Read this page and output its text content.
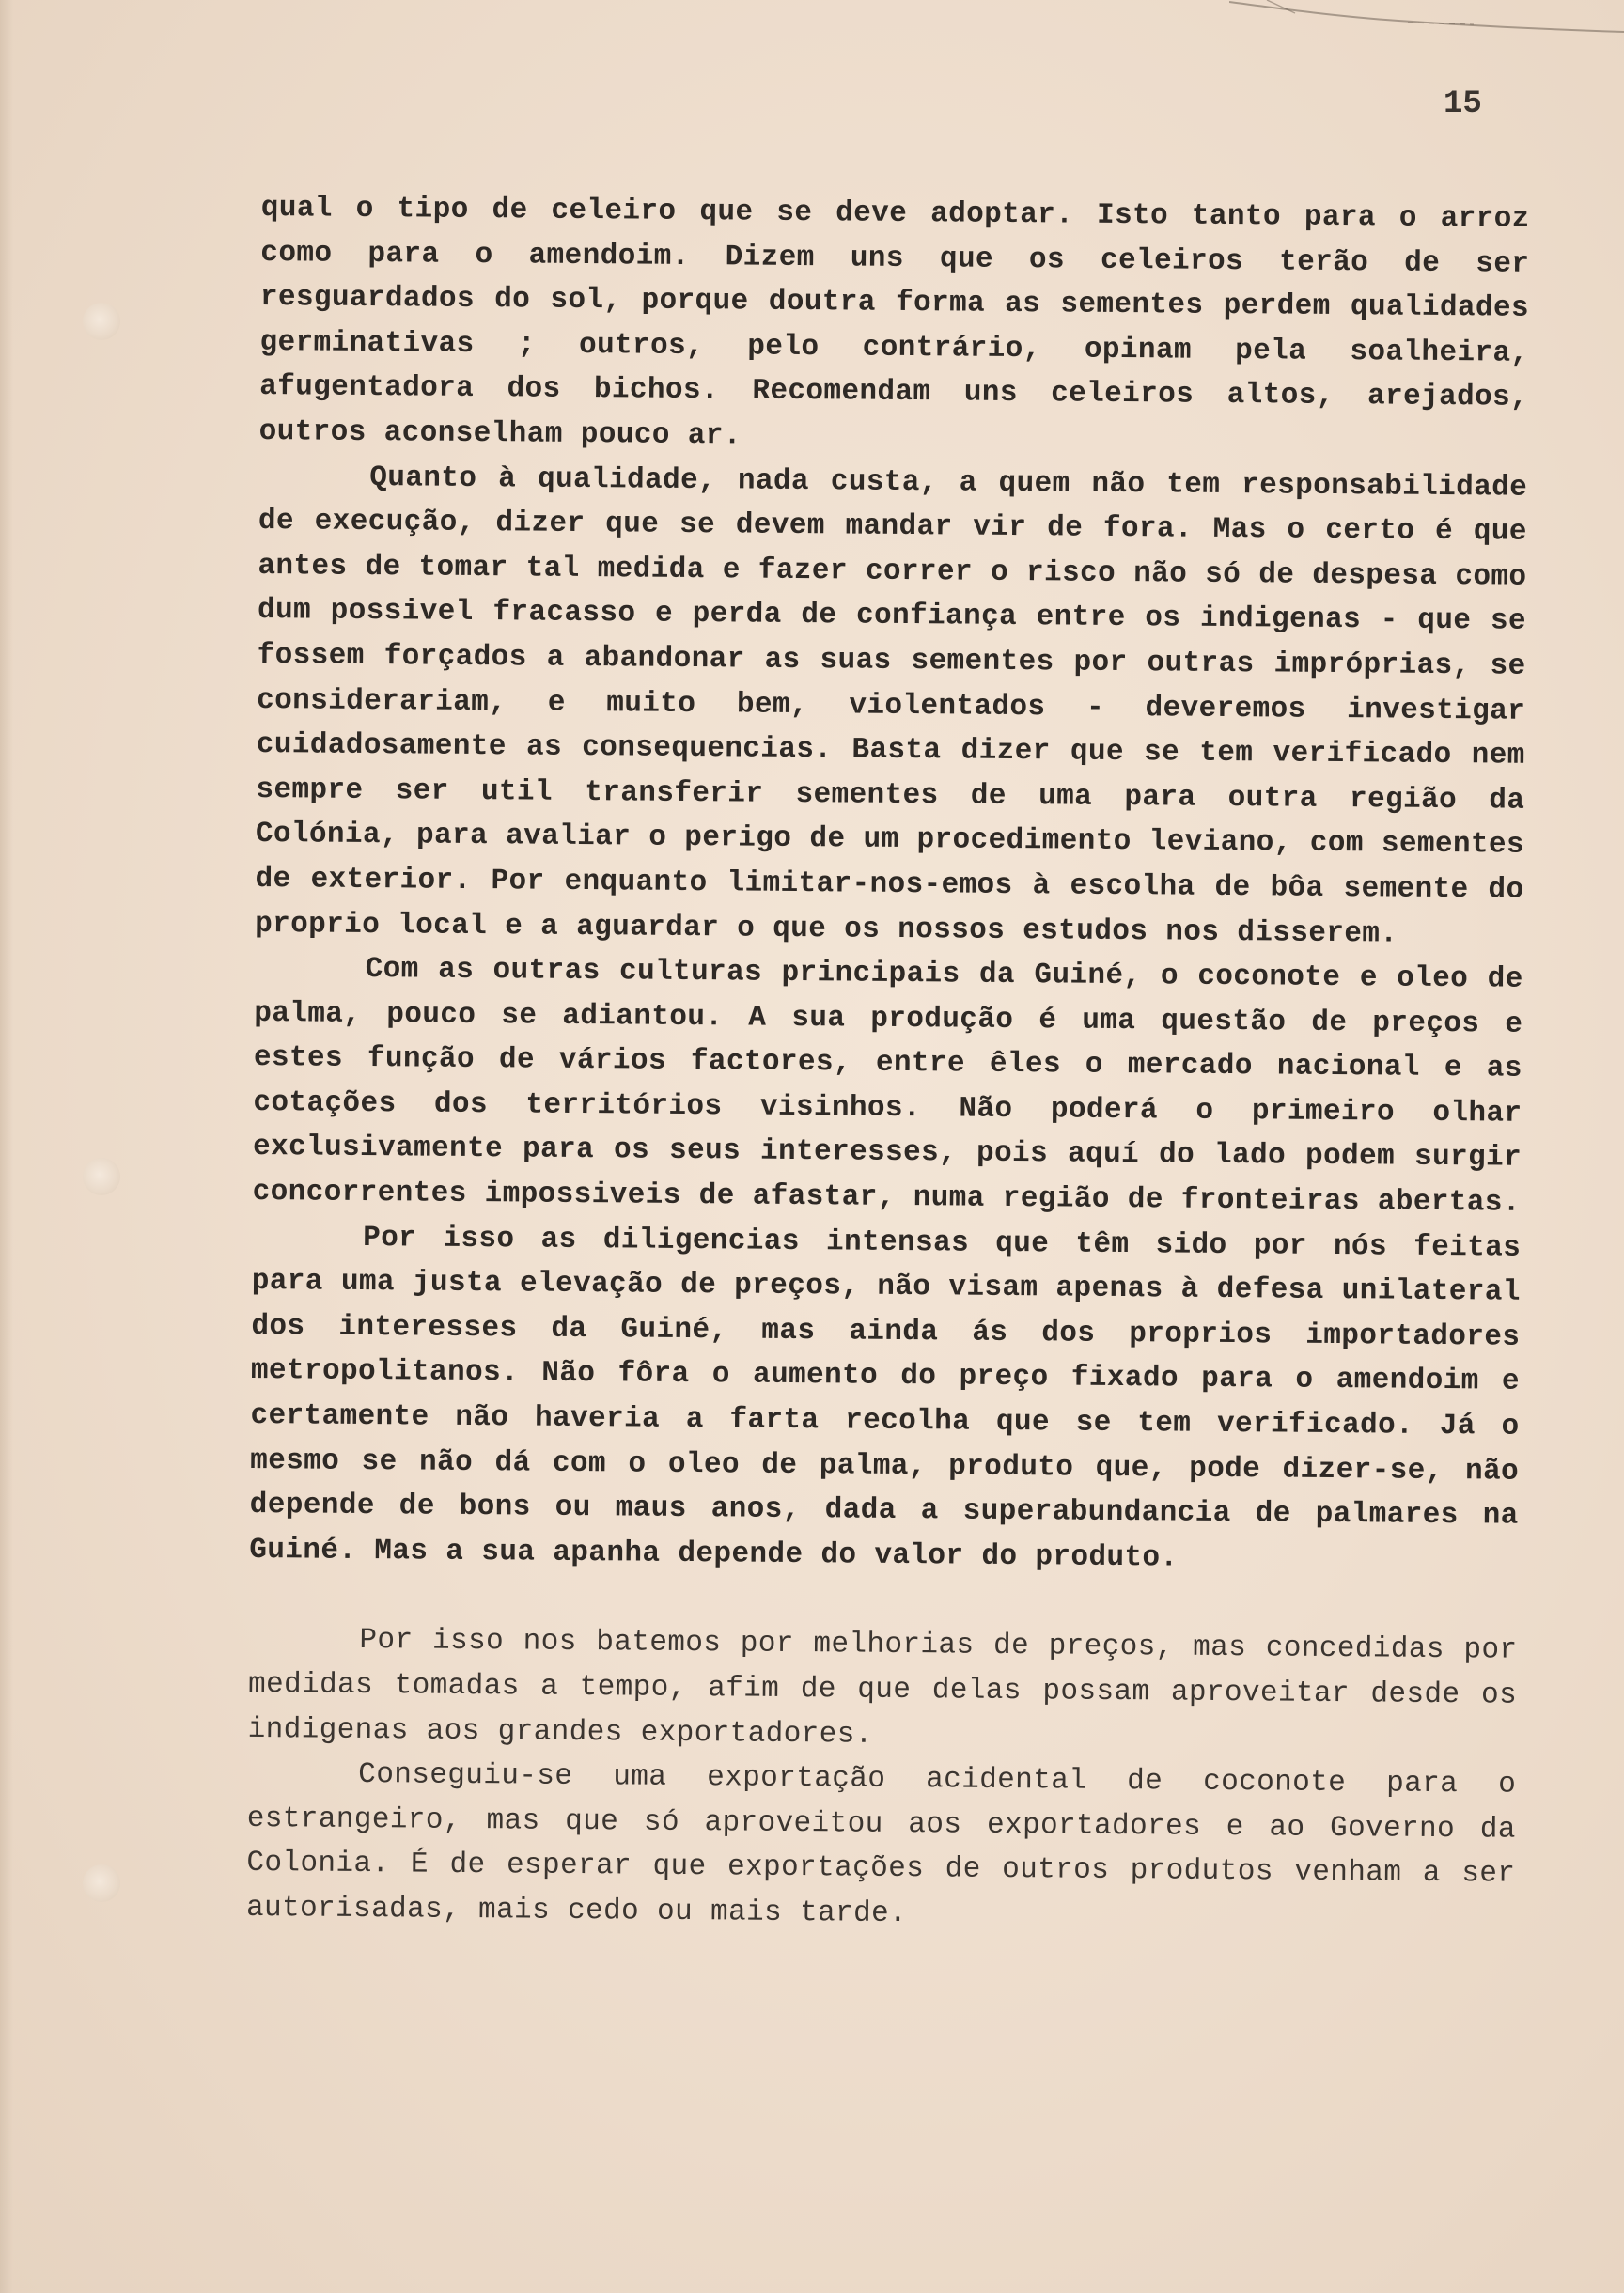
15

qual o tipo de celeiro que se deve adoptar. Isto tanto para o arroz como para o amendoim. Dizem uns que os celeiros terão de ser resguardados do sol, porque doutra forma as sementes perdem qualidades germinativas ; outros, pelo contrário, opinam pela soalheira, afugentadora dos bichos. Recomendam uns celeiros altos, arejados, outros aconselham pouco ar.

Quanto à qualidade, nada custa, a quem não tem responsabilidade de execução, dizer que se devem mandar vir de fora. Mas o certo é que antes de tomar tal medida e fazer correr o risco não só de despesa como dum possivel fracasso e perda de confiança entre os indigenas - que se fossem forçados a abandonar as suas sementes por outras impróprias, se considerariam, e muito bem, violentados - deveremos investigar cuidadosamente as consequencias. Basta dizer que se tem verificado nem sempre ser util transferir sementes de uma para outra região da Colónia, para avaliar o perigo de um procedimento leviano, com sementes de exterior. Por enquanto limitar-nos-emos à escolha de bôa semente do proprio local e a aguardar o que os nossos estudos nos disserem.

Com as outras culturas principais da Guiné, o coconote e oleo de palma, pouco se adiantou. A sua produção é uma questão de preços e estes função de vários factores, entre êles o mercado nacional e as cotações dos territórios visinhos. Não poderá o primeiro olhar exclusivamente para os seus interesses, pois aquí do lado podem surgir concorrentes impossiveis de afastar, numa região de fronteiras abertas.

Por isso as diligencias intensas que têm sido por nós feitas para uma justa elevação de preços, não visam apenas à defesa unilateral dos interesses da Guiné, mas ainda ás dos proprios importadores metropolitanos. Não fôra o aumento do preço fixado para o amendoim e certamente não haveria a farta recolha que se tem verificado. Já o mesmo se não dá com o oleo de palma, produto que, pode dizer-se, não depende de bons ou maus anos, dada a superabundancia de palmares na Guiné. Mas a sua apanha depende do valor do produto.

Por isso nos batemos por melhorias de preços, mas concedidas por medidas tomadas a tempo, afim de que delas possam aproveitar desde os indigenas aos grandes exportadores.

Conseguiu-se uma exportação acidental de coconote para o estrangeiro, mas que só aproveitou aos exportadores e ao Governo da Colonia. É de esperar que exportações de outros produtos venham a ser autorisadas, mais cedo ou mais tarde.
